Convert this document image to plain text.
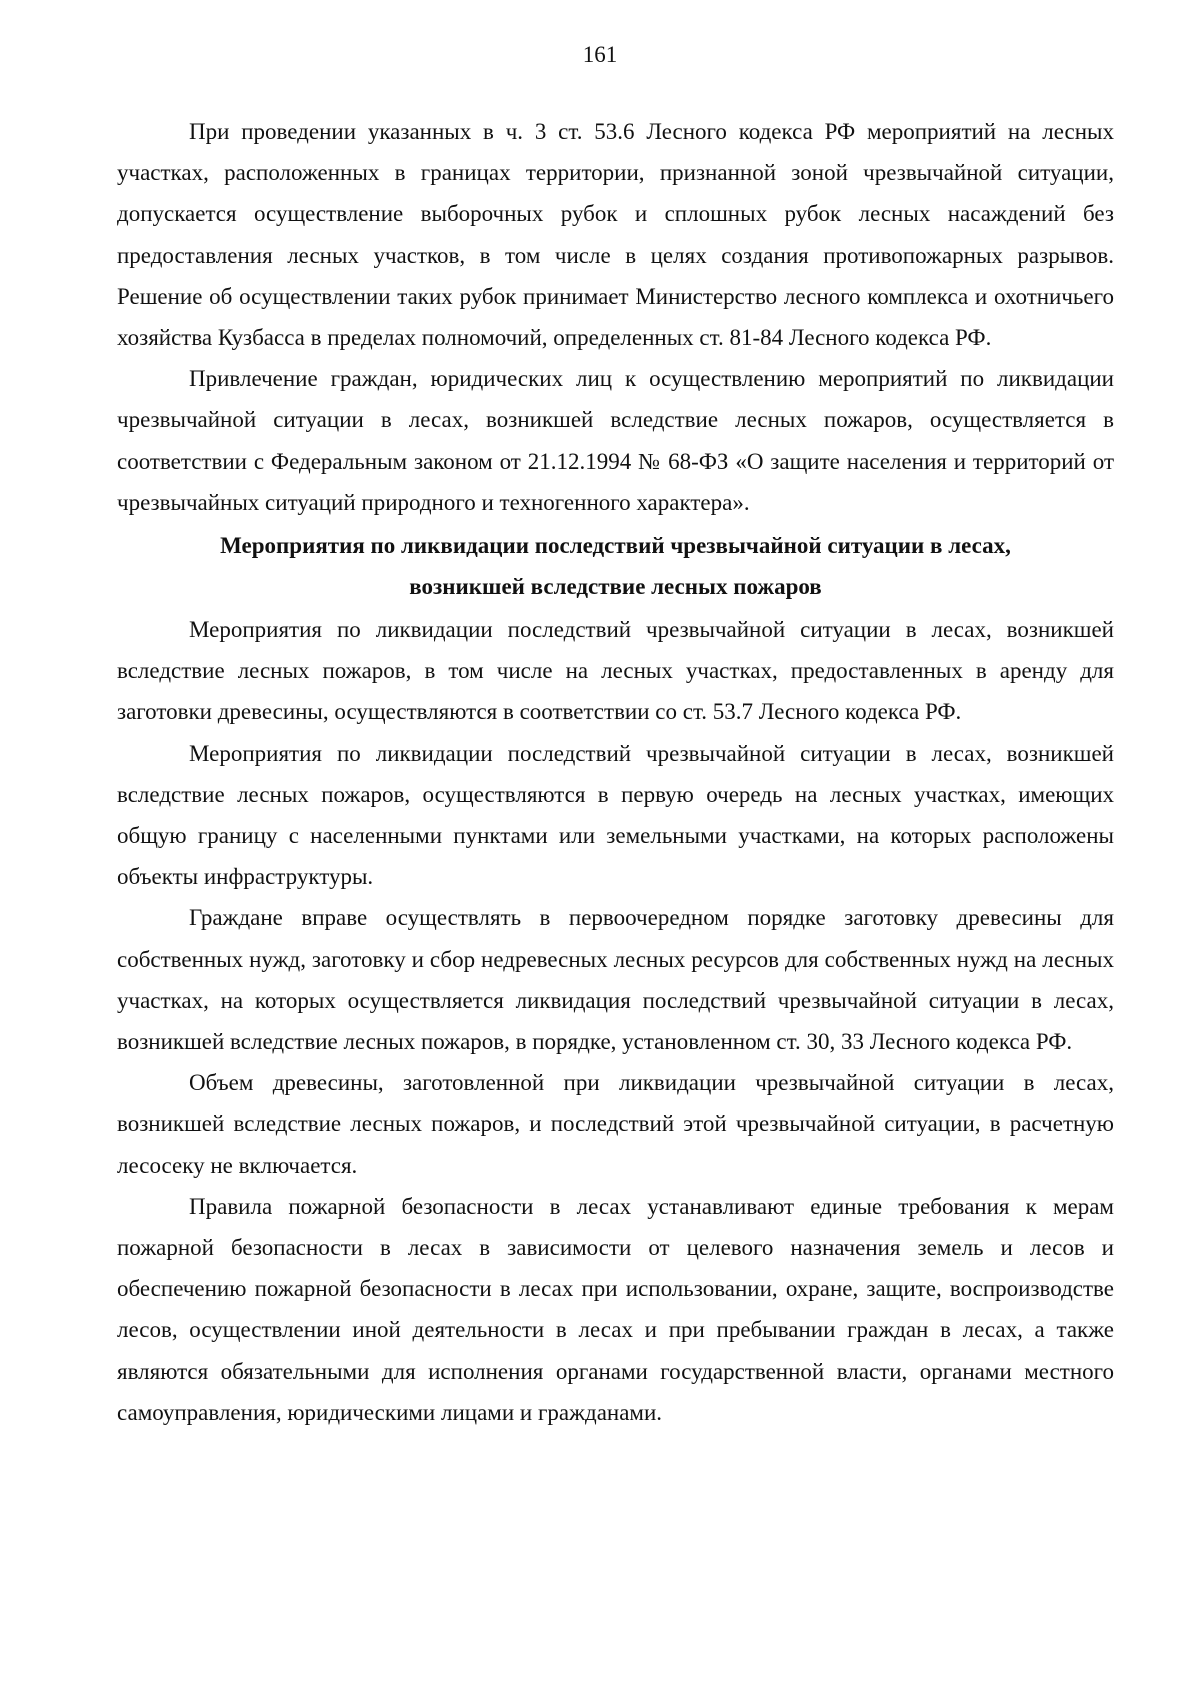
161

При проведении указанных в ч. 3 ст. 53.6 Лесного кодекса РФ мероприятий на лесных участках, расположенных в границах территории, признанной зоной чрезвычайной ситуации, допускается осуществление выборочных рубок и сплошных рубок лесных насаждений без предоставления лесных участков, в том числе в целях создания противопожарных разрывов. Решение об осуществлении таких рубок принимает Министерство лесного комплекса и охотничьего хозяйства Кузбасса в пределах полномочий, определенных ст. 81-84 Лесного кодекса РФ.

Привлечение граждан, юридических лиц к осуществлению мероприятий по ликвидации чрезвычайной ситуации в лесах, возникшей вследствие лесных пожаров, осуществляется в соответствии с Федеральным законом от 21.12.1994 № 68-ФЗ «О защите населения и территорий от чрезвычайных ситуаций природного и техногенного характера».

Мероприятия по ликвидации последствий чрезвычайной ситуации в лесах,
возникшей вследствие лесных пожаров

Мероприятия по ликвидации последствий чрезвычайной ситуации в лесах, возникшей вследствие лесных пожаров, в том числе на лесных участках, предоставленных в аренду для заготовки древесины, осуществляются в соответствии со ст. 53.7 Лесного кодекса РФ.

Мероприятия по ликвидации последствий чрезвычайной ситуации в лесах, возникшей вследствие лесных пожаров, осуществляются в первую очередь на лесных участках, имеющих общую границу с населенными пунктами или земельными участками, на которых расположены объекты инфраструктуры.

Граждане вправе осуществлять в первоочередном порядке заготовку древесины для собственных нужд, заготовку и сбор недревесных лесных ресурсов для собственных нужд на лесных участках, на которых осуществляется ликвидация последствий чрезвычайной ситуации в лесах, возникшей вследствие лесных пожаров, в порядке, установленном ст. 30, 33 Лесного кодекса РФ.

Объем древесины, заготовленной при ликвидации чрезвычайной ситуации в лесах, возникшей вследствие лесных пожаров, и последствий этой чрезвычайной ситуации, в расчетную лесосеку не включается.

Правила пожарной безопасности в лесах устанавливают единые требования к мерам пожарной безопасности в лесах в зависимости от целевого назначения земель и лесов и обеспечению пожарной безопасности в лесах при использовании, охране, защите, воспроизводстве лесов, осуществлении иной деятельности в лесах и при пребывании граждан в лесах, а также являются обязательными для исполнения органами государственной власти, органами местного самоуправления, юридическими лицами и гражданами.
